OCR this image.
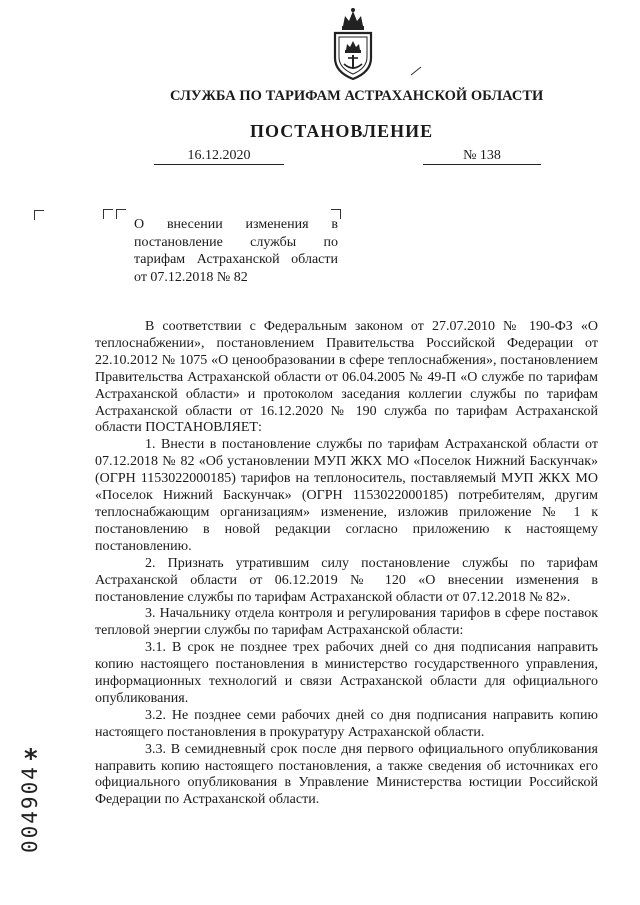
СЛУЖБА ПО ТАРИФАМ АСТРАХАНСКОЙ ОБЛАСТИ
ПОСТАНОВЛЕНИЕ
16.12.2020	№ 138
О внесении изменения в постановление службы по тарифам Астраханской области от 07.12.2018 № 82

В соответствии с Федеральным законом от 27.07.2010 № 190-ФЗ «О теплоснабжении», постановлением Правительства Российской Федерации от 22.10.2012 № 1075 «О ценообразовании в сфере теплоснабжения», постановлением Правительства Астраханской области от 06.04.2005 № 49-П «О службе по тарифам Астраханской области» и протоколом заседания коллегии службы по тарифам Астраханской области от 16.12.2020 № 190 служба по тарифам Астраханской области ПОСТАНОВЛЯЕТ:

1. Внести в постановление службы по тарифам Астраханской области от 07.12.2018 № 82 «Об установлении МУП ЖКХ МО «Поселок Нижний Баскунчак» (ОГРН 1153022000185) тарифов на теплоноситель, поставляемый МУП ЖКХ МО «Поселок Нижний Баскунчак» (ОГРН 1153022000185) потребителям, другим теплоснабжающим организациям» изменение, изложив приложение № 1 к постановлению в новой редакции согласно приложению к настоящему постановлению.

2. Признать утратившим силу постановление службы по тарифам Астраханской области от 06.12.2019 № 120 «О внесении изменения в постановление службы по тарифам Астраханской области от 07.12.2018 № 82».

3. Начальнику отдела контроля и регулирования тарифов в сфере поставок тепловой энергии службы по тарифам Астраханской области:

3.1. В срок не позднее трех рабочих дней со дня подписания направить копию настоящего постановления в министерство государственного управления, информационных технологий и связи Астраханской области для официального опубликования.

3.2. Не позднее семи рабочих дней со дня подписания направить копию настоящего постановления в прокуратуру Астраханской области.

3.3. В семидневный срок после дня первого официального опубликования направить копию настоящего постановления, а также сведения об источниках его официального опубликования в Управление Министерства юстиции Российской Федерации по Астраханской области.

*
004904
